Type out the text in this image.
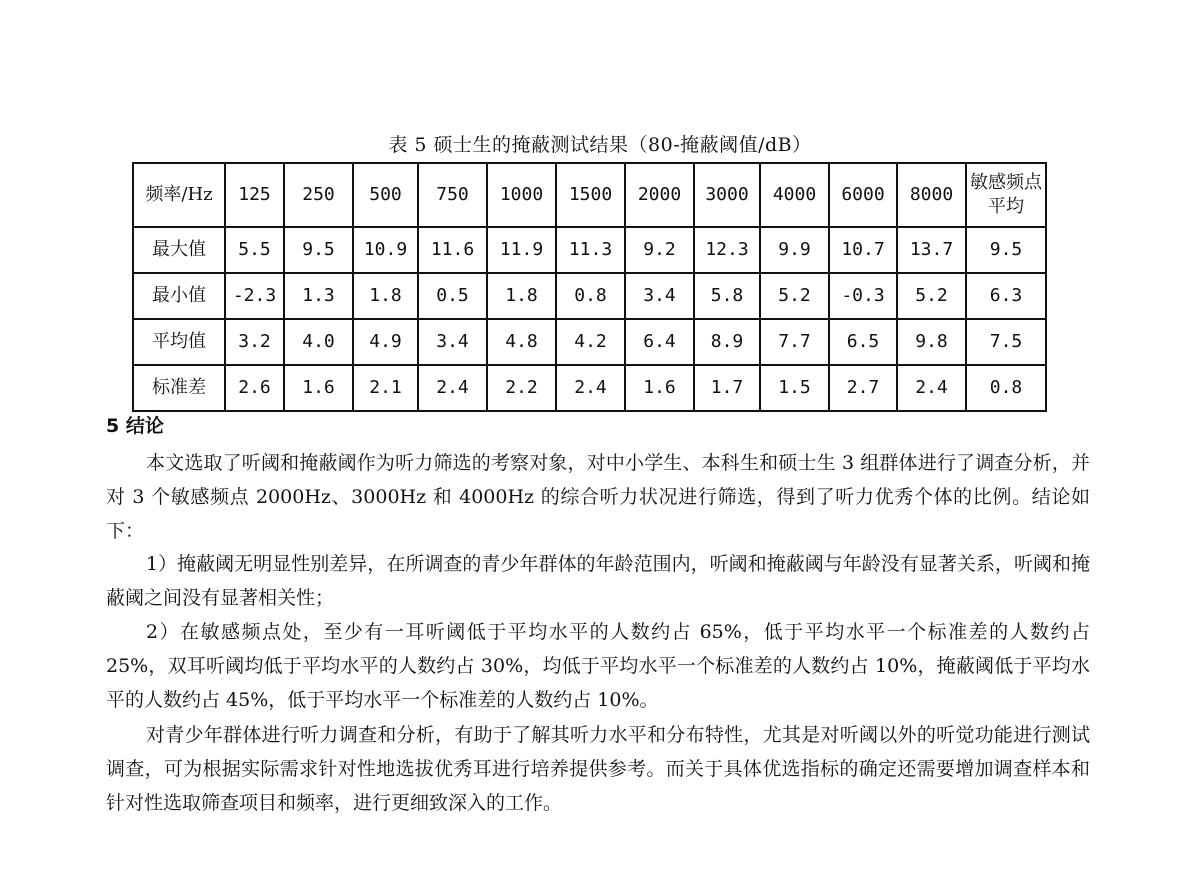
表 5 硕士生的掩蔽测试结果（80-掩蔽阈值/dB）
频率/Hz	125	250	500	750	1000	1500	2000	3000	4000	6000	8000	敏感频点平均
最大值	5.5	9.5	10.9	11.6	11.9	11.3	9.2	12.3	9.9	10.7	13.7	9.5
最小值	-2.3	1.3	1.8	0.5	1.8	0.8	3.4	5.8	5.2	-0.3	5.2	6.3
平均值	3.2	4.0	4.9	3.4	4.8	4.2	6.4	8.9	7.7	6.5	9.8	7.5
标准差	2.6	1.6	2.1	2.4	2.2	2.4	1.6	1.7	1.5	2.7	2.4	0.8
5 结论

本文选取了听阈和掩蔽阈作为听力筛选的考察对象，对中小学生、本科生和硕士生 3 组群体进行了调查分析，并对 3 个敏感频点 2000Hz、3000Hz 和 4000Hz 的综合听力状况进行筛选，得到了听力优秀个体的比例。结论如下：

1）掩蔽阈无明显性别差异，在所调查的青少年群体的年龄范围内，听阈和掩蔽阈与年龄没有显著关系，听阈和掩蔽阈之间没有显著相关性；

2）在敏感频点处，至少有一耳听阈低于平均水平的人数约占 65%，低于平均水平一个标准差的人数约占 25%，双耳听阈均低于平均水平的人数约占 30%，均低于平均水平一个标准差的人数约占 10%，掩蔽阈低于平均水平的人数约占 45%，低于平均水平一个标准差的人数约占 10%。

对青少年群体进行听力调查和分析，有助于了解其听力水平和分布特性，尤其是对听阈以外的听觉功能进行测试调查，可为根据实际需求针对性地选拔优秀耳进行培养提供参考。而关于具体优选指标的确定还需要增加调查样本和针对性选取筛查项目和频率，进行更细致深入的工作。
